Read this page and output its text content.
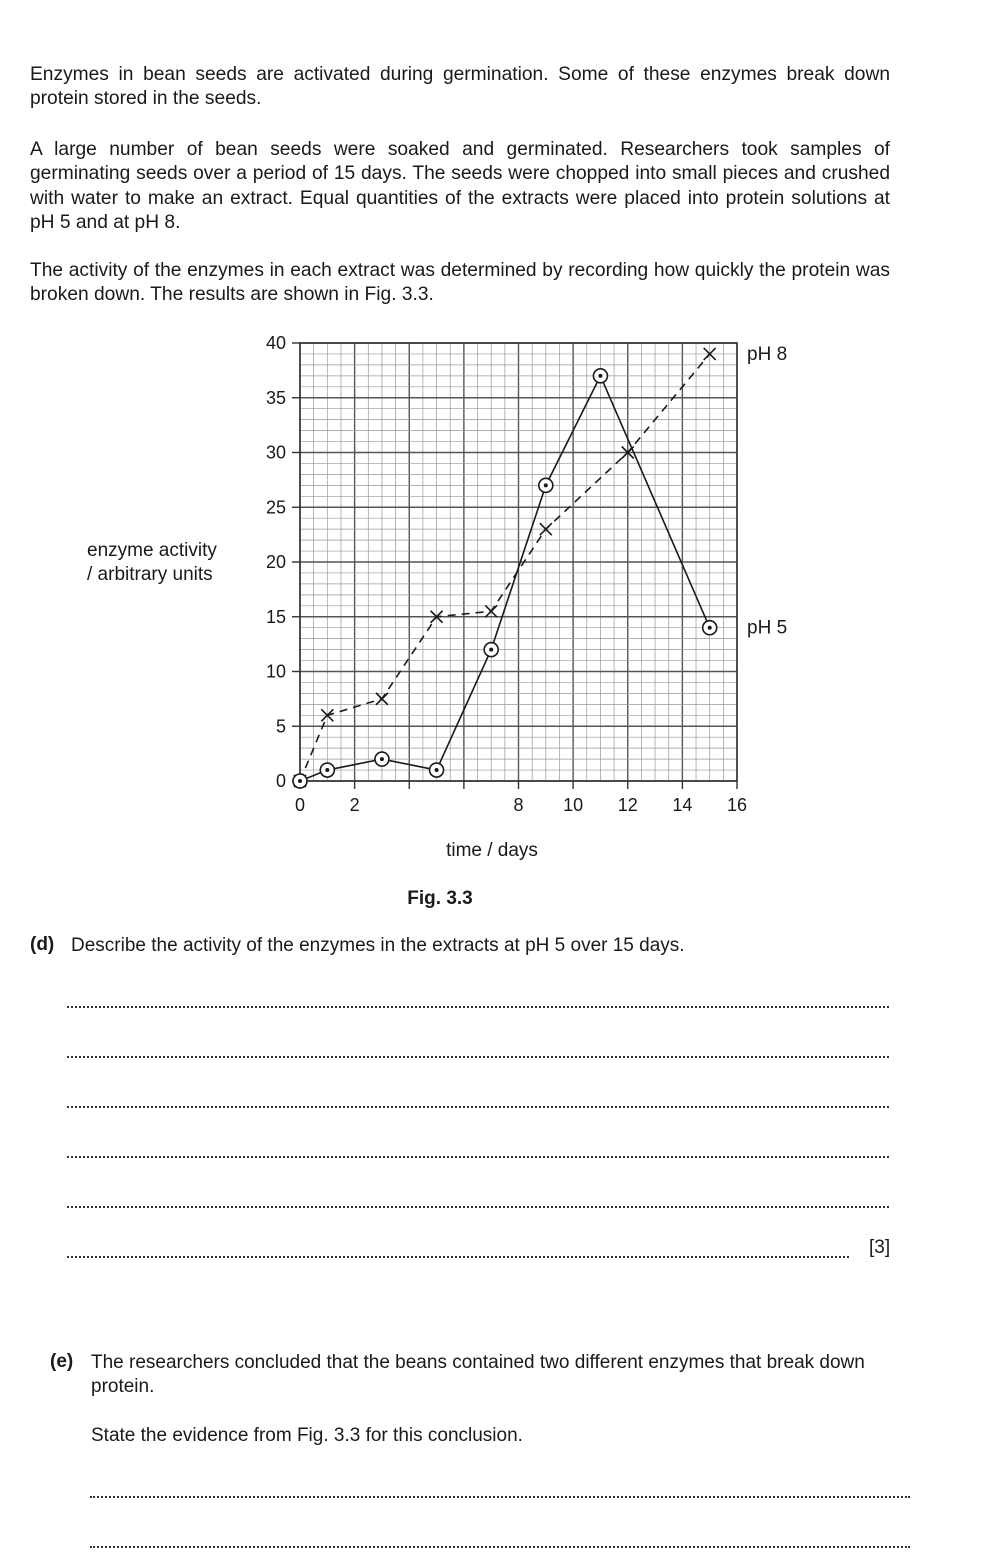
Enzymes in bean seeds are activated during germination. Some of these enzymes break down protein stored in the seeds.

A large number of bean seeds were soaked and germinated. Researchers took samples of germinating seeds over a period of 15 days. The seeds were chopped into small pieces and crushed with water to make an extract. Equal quantities of the extracts were placed into protein solutions at pH 5 and at pH 8.

The activity of the enzymes in each extract was determined by recording how quickly the protein was broken down. The results are shown in Fig. 3.3.

0
5
10
15
20
25
30
35
40
0 2	8 10 12 14 16
pH 8
pH 5
enzyme activity
/ arbitrary units
time / days
Fig. 3.3
(d) Describe the activity of the enzymes in the extracts at pH 5 over 15 days.

[3]
(e) The researchers concluded that the beans contained two different enzymes that break down protein.

State the evidence from Fig. 3.3 for this conclusion.
